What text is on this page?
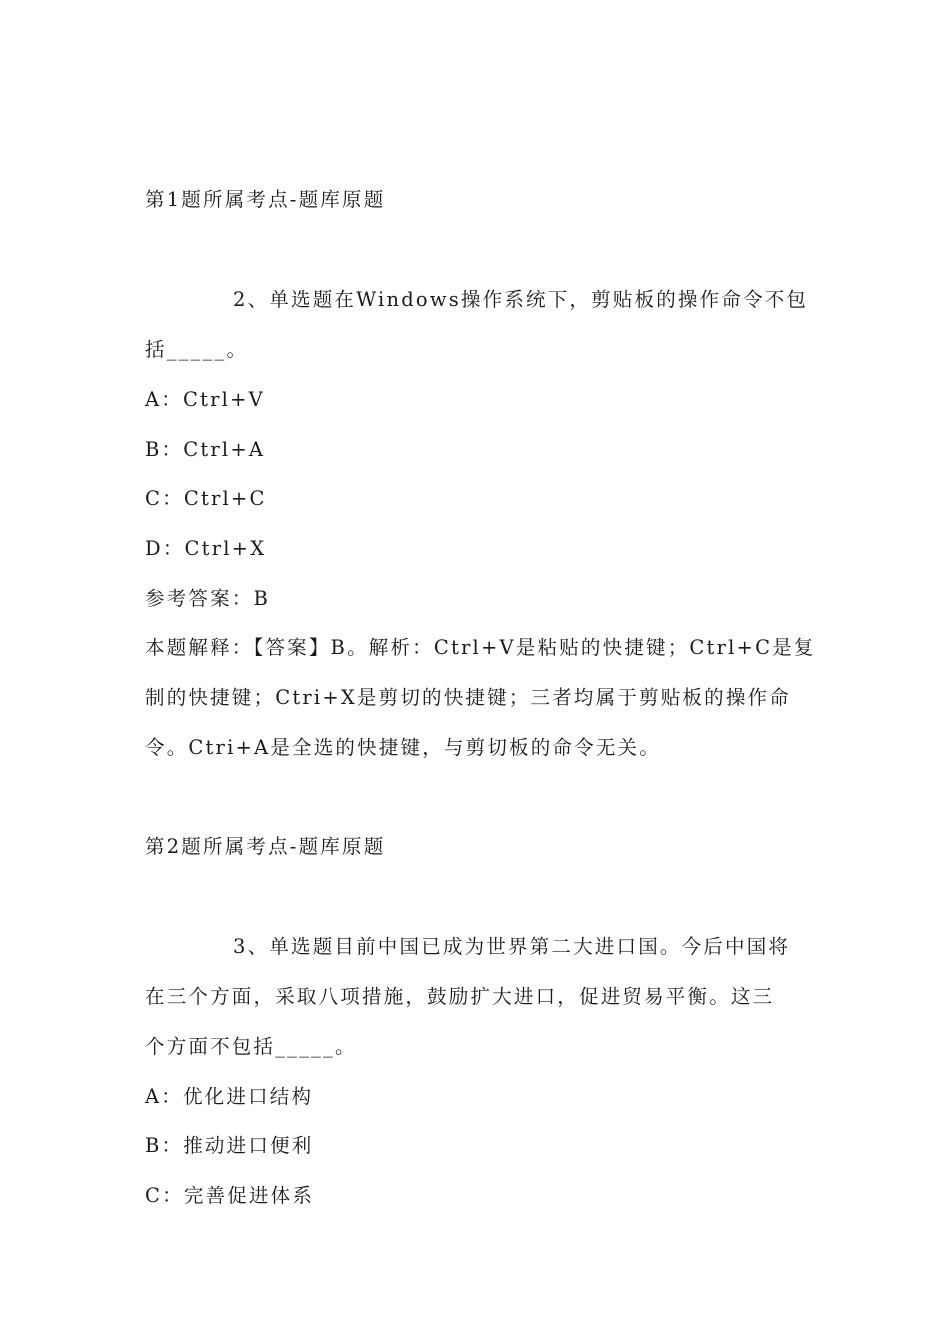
第1题所属考点-题库原题
2、单选题在Windows操作系统下，剪贴板的操作命令不包
括_____。
A：Ctrl+V
B：Ctrl+A
C：Ctrl+C
D：Ctrl+X
参考答案：B
本题解释：【答案】B。解析：Ctrl+V是粘贴的快捷键；Ctrl+C是复
制的快捷键；Ctri+X是剪切的快捷键；三者均属于剪贴板的操作命
令。Ctri+A是全选的快捷键，与剪切板的命令无关。
第2题所属考点-题库原题
3、单选题目前中国已成为世界第二大进口国。今后中国将
在三个方面，采取八项措施，鼓励扩大进口，促进贸易平衡。这三
个方面不包括_____。
A：优化进口结构
B：推动进口便利
C：完善促进体系
